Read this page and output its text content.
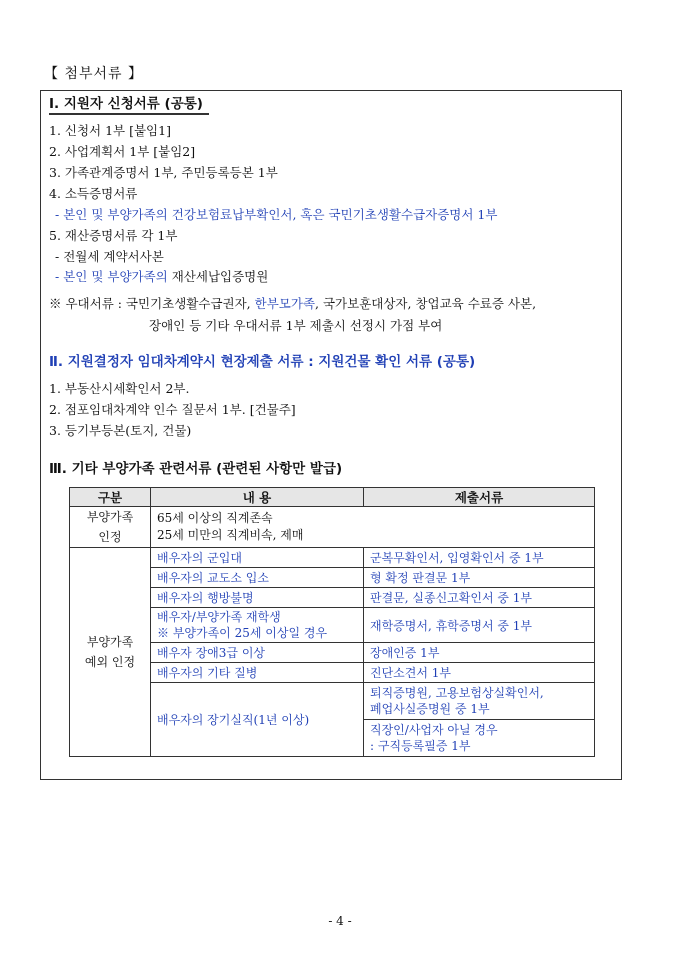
【 첨부서류 】
Ⅰ. 지원자 신청서류 (공통)
1. 신청서 1부 [붙임1]
2. 사업계획서 1부 [붙임2]
3. 가족관계증명서 1부, 주민등록등본 1부
4. 소득증명서류
- 본인 및 부양가족의 건강보험료납부확인서, 혹은 국민기초생활수급자증명서 1부
5. 재산증명서류 각 1부
- 전월세 계약서사본
- 본인 및 부양가족의 재산세납입증명원
※ 우대서류 : 국민기초생활수급권자, 한부모가족, 국가보훈대상자, 창업교육 수료증 사본,
장애인 등 기타 우대서류 1부 제출시 선정시 가점 부여
Ⅱ. 지원결정자 임대차계약시 현장제출 서류 : 지원건물 확인 서류 (공통)
1. 부동산시세확인서 2부.
2. 점포임대차계약 인수 질문서 1부. [건물주]
3. 등기부등본(토지, 건물)
Ⅲ. 기타 부양가족 관련서류 (관련된 사항만 발급)
구분	내 용	제출서류
부양가족
인정	65세 이상의 직계존속
25세 미만의 직계비속, 제매	
부양가족
예외 인정	배우자의 군입대	군복무확인서, 입영확인서 중 1부
	배우자의 교도소 입소	형 확정 판결문 1부
	배우자의 행방불명	판결문, 실종신고확인서 중 1부
	배우자/부양가족 재학생
※ 부양가족이 25세 이상일 경우	재학증명서, 휴학증명서 중 1부
	배우자 장애3급 이상	장애인증 1부
	배우자의 기타 질병	진단소견서 1부
	배우자의 장기실직(1년 이상)	퇴직증명원, 고용보험상실확인서,
폐업사실증명원 중 1부
		직장인/사업자 아닐 경우
: 구직등록필증 1부
- 4 -
